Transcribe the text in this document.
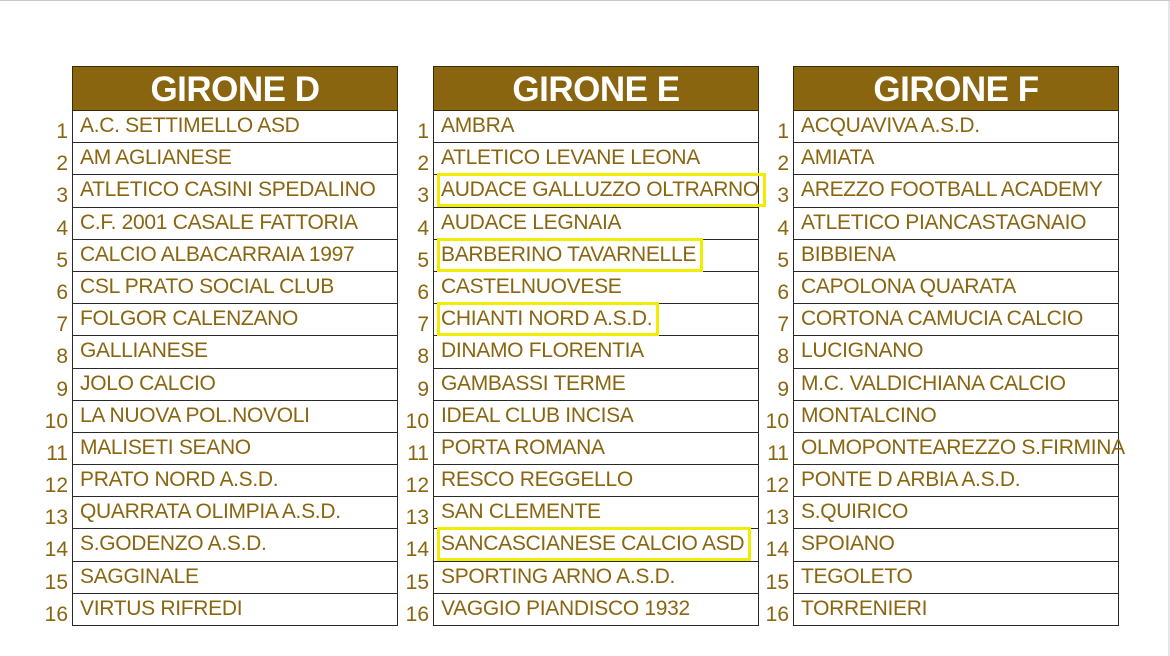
GIRONE D
1 A.C. SETTIMELLO ASD
2 AM AGLIANESE
3 ATLETICO CASINI SPEDALINO
4 C.F. 2001 CASALE FATTORIA
5 CALCIO ALBACARRAIA 1997
6 CSL PRATO SOCIAL CLUB
7 FOLGOR CALENZANO
8 GALLIANESE
9 JOLO CALCIO
10 LA NUOVA POL.NOVOLI
11 MALISETI SEANO
12 PRATO NORD A.S.D.
13 QUARRATA OLIMPIA A.S.D.
14 S.GODENZO A.S.D.
15 SAGGINALE
16 VIRTUS RIFREDI
GIRONE E
1 AMBRA
2 ATLETICO LEVANE LEONA
3 AUDACE GALLUZZO OLTRARNO
4 AUDACE LEGNAIA
5 BARBERINO TAVARNELLE
6 CASTELNUOVESE
7 CHIANTI NORD A.S.D.
8 DINAMO FLORENTIA
9 GAMBASSI TERME
10 IDEAL CLUB INCISA
11 PORTA ROMANA
12 RESCO REGGELLO
13 SAN CLEMENTE
14 SANCASCIANESE CALCIO ASD
15 SPORTING ARNO A.S.D.
16 VAGGIO PIANDISCO 1932
GIRONE F
1 ACQUAVIVA A.S.D.
2 AMIATA
3 AREZZO FOOTBALL ACADEMY
4 ATLETICO PIANCASTAGNAIO
5 BIBBIENA
6 CAPOLONA QUARATA
7 CORTONA CAMUCIA CALCIO
8 LUCIGNANO
9 M.C. VALDICHIANA CALCIO
10 MONTALCINO
11 OLMOPONTEAREZZO S.FIRMINA
12 PONTE D ARBIA A.S.D.
13 S.QUIRICO
14 SPOIANO
15 TEGOLETO
16 TORRENIERI
